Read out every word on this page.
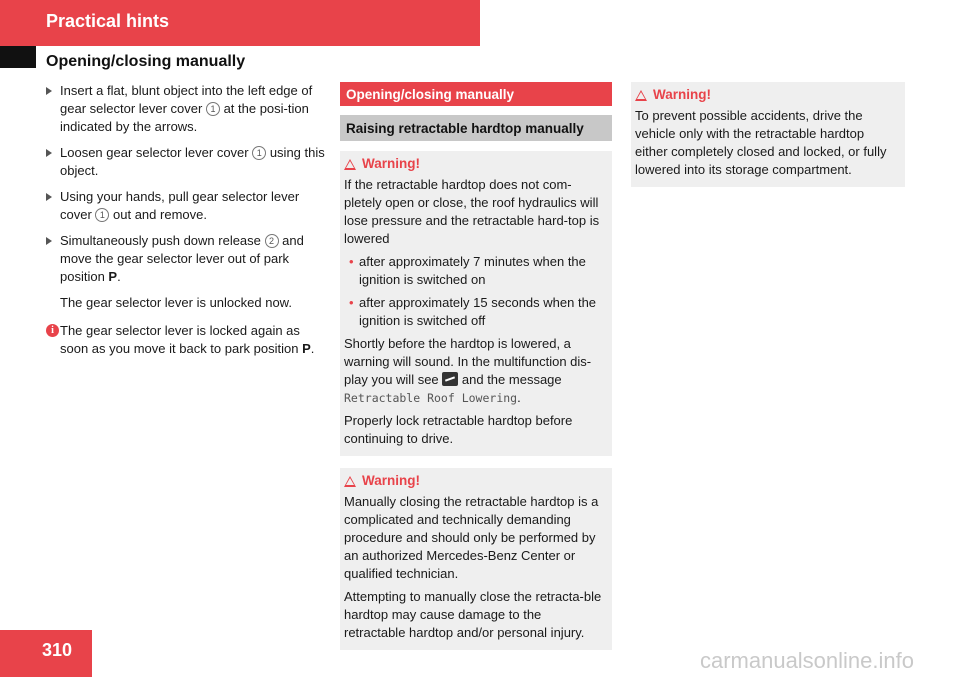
Practical hints
Opening/closing manually
Insert a flat, blunt object into the left edge of gear selector lever cover 1 at the posi-tion indicated by the arrows.
Loosen gear selector lever cover 1 using this object.
Using your hands, pull gear selector lever cover 1 out and remove.
Simultaneously push down release 2 and move the gear selector lever out of park position P.
The gear selector lever is unlocked now.
i The gear selector lever is locked again as soon as you move it back to park position P.
Opening/closing manually
Raising retractable hardtop manually
Warning!
If the retractable hardtop does not com-pletely open or close, the roof hydraulics will lose pressure and the retractable hard-top is lowered
• after approximately 7 minutes when the ignition is switched on
• after approximately 15 seconds when the ignition is switched off
Shortly before the hardtop is lowered, a warning will sound. In the multifunction dis-play you will see  and the message Retractable Roof Lowering.
Properly lock retractable hardtop before continuing to drive.
Warning!
Manually closing the retractable hardtop is a complicated and technically demanding procedure and should only be performed by an authorized Mercedes-Benz Center or qualified technician.
Attempting to manually close the retracta-ble hardtop may cause damage to the retractable hardtop and/or personal injury.
Warning!
To prevent possible accidents, drive the vehicle only with the retractable hardtop either completely closed and locked, or fully lowered into its storage compartment.
310	carmanualsonline.info
